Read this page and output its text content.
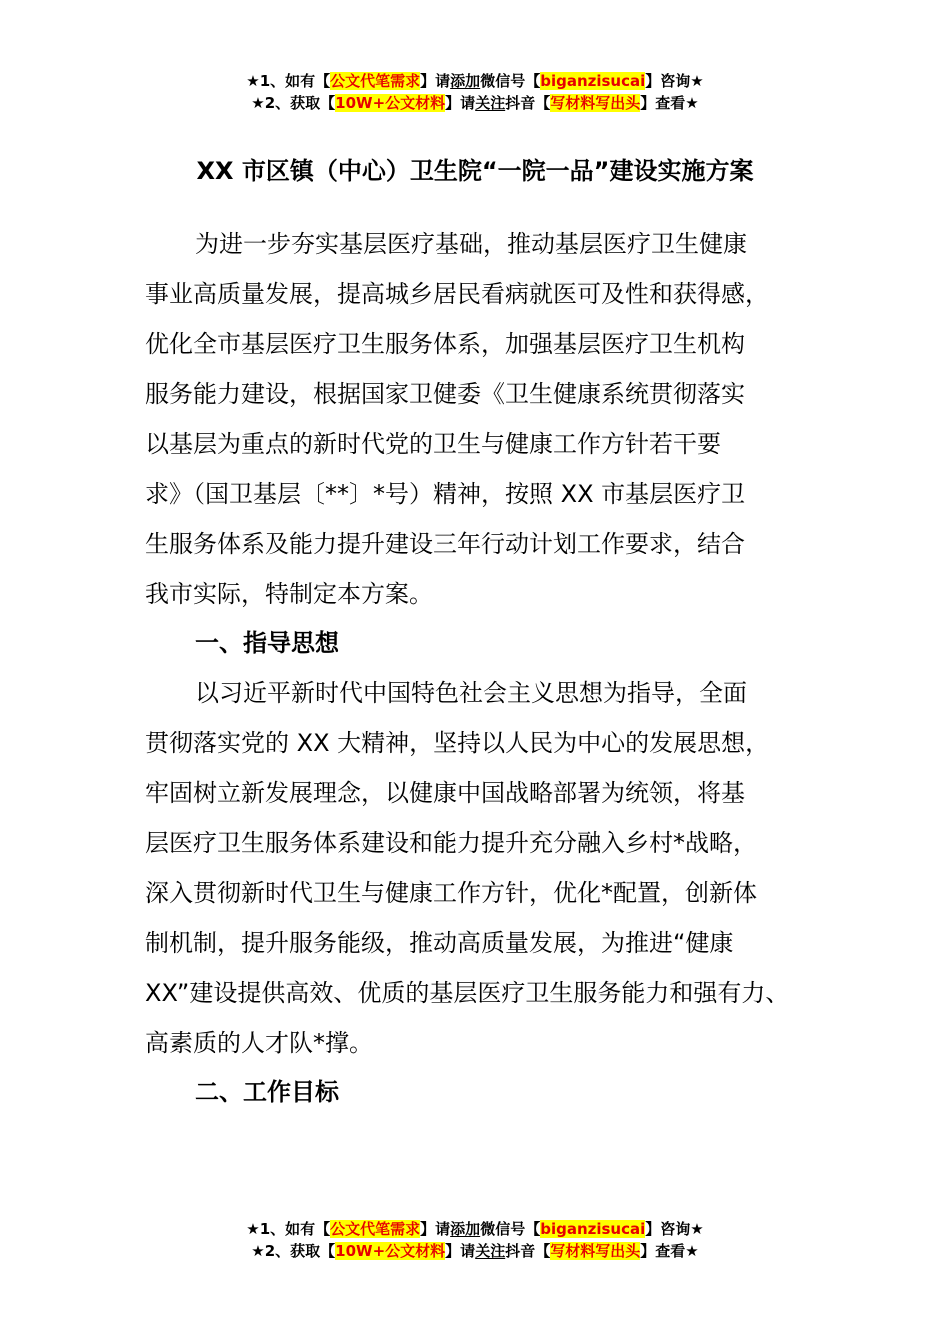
★1、如有【公文代笔需求】请添加微信号【biganzisucai】咨询★
★2、获取【10W+公文材料】请关注抖音【写材料写出头】查看★
XX 市区镇（中心）卫生院“一院一品”建设实施方案
为进一步夯实基层医疗基础，推动基层医疗卫生健康
事业高质量发展，提高城乡居民看病就医可及性和获得感，
优化全市基层医疗卫生服务体系，加强基层医疗卫生机构
服务能力建设，根据国家卫健委《卫生健康系统贯彻落实
以基层为重点的新时代党的卫生与健康工作方针若干要
求》（国卫基层〔**〕*号）精神，按照 XX 市基层医疗卫
生服务体系及能力提升建设三年行动计划工作要求，结合
我市实际，特制定本方案。
一、指导思想
以习近平新时代中国特色社会主义思想为指导，全面
贯彻落实党的 XX 大精神，坚持以人民为中心的发展思想，
牢固树立新发展理念，以健康中国战略部署为统领，将基
层医疗卫生服务体系建设和能力提升充分融入乡村*战略，
深入贯彻新时代卫生与健康工作方针，优化*配置，创新体
制机制，提升服务能级，推动高质量发展，为推进“健康
XX”建设提供高效、优质的基层医疗卫生服务能力和强有力、
高素质的人才队*撑。
二、工作目标
★1、如有【公文代笔需求】请添加微信号【biganzisucai】咨询★
★2、获取【10W+公文材料】请关注抖音【写材料写出头】查看★
